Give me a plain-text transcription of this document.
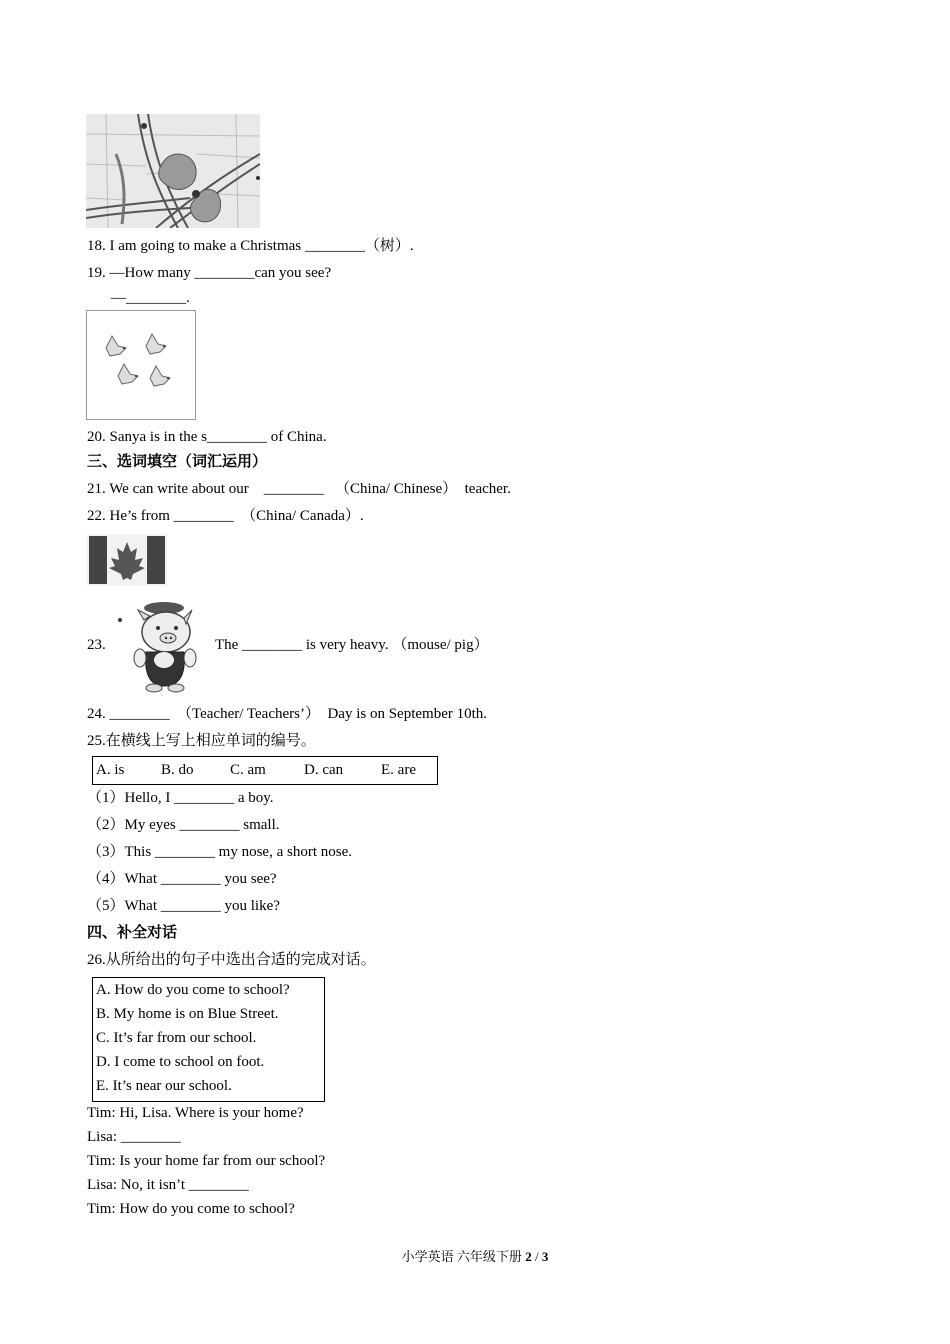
18. I am going to make a Christmas ________（树）.
19. —How many ________can you see?
—________.
20. Sanya is in the s________ of China.
三、选词填空（词汇运用）
21. We can write about our    ________   （China/ Chinese）  teacher.
22. He’s from ________  （China/ Canada）.
23.	The ________ is very heavy. （mouse/ pig）
24. ________  （Teacher/ Teachers’）  Day is on September 10th.
25.在横线上写上相应单词的编号。
A. is B. do C. am	D. can	E. are
（1）Hello, I ________ a boy.
（2）My eyes ________ small.
（3）This ________ my nose, a short nose.
（4）What ________ you see?
（5）What ________ you like?
四、补全对话
26.从所给出的句子中选出合适的完成对话。
A. How do you come to school?
B. My home is on Blue Street.
C. It’s far from our school.
D. I come to school on foot.
E. It’s near our school.
Tim: Hi, Lisa. Where is your home?
Lisa: ________
Tim: Is your home far from our school?
Lisa: No, it isn’t ________
Tim: How do you come to school?
小学英语 六年级下册 2 / 3
